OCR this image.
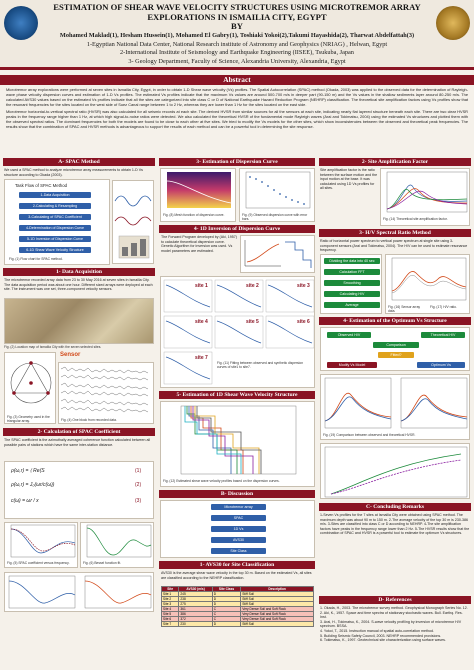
ESTIMATION OF SHEAR WAVE VELOCITY STRUCTURES USING MICROTREMOR ARRAY EXPLORATIONS IN ISMAILIA CITY, EGYPT
BY
Mohamed Maklad(1), Hesham Hussein(1), Mohamed El Gabry(1), Toshiaki Yokoi(2),Takumi Hayashida(2), Tharwat Abdelfattah(3)
1-Egyptian National Data Center, National Research institute of Astronomy and Geophysics (NRIAG) , Helwan, Egypt
2-International Institute of Seismology and Earthquake Engineering (IISEE), Tsukuba, Japan
3- Geology Department, Faculty of Science, Alexandria University, Alexandria, Egypt
Abstract

Microtremor array explorations were performed at seven sites in Ismailia City, Egypt, in order to obtain 1-D Shear wave velocity (Vs) profiles. The Spatial Autocorrelation (SPAC) method (Okada, 2003) was applied to the observed data for the determination of Rayleigh-wave phase velocity dispersion curves and estimation of 1-D Vs profiles. The estimated Vs profiles indicate that the maximum Vs values are around 500-700 m/s in deeper part (90-150 m) and the Vs values in the shallow sediments layer around 80-250 m/s. The calculated AVS30 values based on the estimated Vs profiles indicate that all the sites are categorized into site class C or D of National Earthquake Hazard Reduction Program (NEHRP) classification. The theoretical site amplification factors using Vs profiles show that the resonant frequencies for the sites located on the west side of Suez Canal range between 1 to 2 Hz, whereas they are lower than 1 Hz for the sites located on the east side.

Microtremor horizontal-to-vertical spectral ratio (HVSR) was also calculated for all seismic records at each site. The derived HVSR from similar sources for all the sensors at each site, indicating nearly flat layered structure beneath each site. There are two clear HVSR peaks in the frequency range higher than 1 Hz, at which high signal-to-noise ratios were detected. We also calculated the theoretical HVSR of the fundamental mode Rayleigh waves (Arai and Tokimatsu, 2004) using the estimated Vs structures and plotted them with the observed spectral ratios. The dominant frequencies for both the models are found to be close to each other at five sites. We tried to modify the Vs models for the other sites, which show inconsistencies between the observed and theoretical peak frequencies. The results show that the combination of SPAC and HVSR methods is advantageous to support the results of each method and can be a powerful tool in determining the site response.

A- SPAC Method
We used a SPAC method to analyze microtremor array measurements to obtain 1-D Vs structure according to Okada (2003).
Task Flow of SPAC Method
1-Data Acquisition
2-Calculating & Resampling
3-Calculating of SPAC Coefficient
4-Determination of Dispersion Curve
5-1D Inversion of Dispersion Curve
6-1D Shear Wave Velocity Structure
Fig. (1) Flow chart for SPAC method.
1- Data Acquisition
The microtremor recorded array data from 23 to 30 May 2016 at seven sites in Ismailia City. The data acquisition period was about one hour. Different sized arrays were deployed at each site. The instrument was one set, three-component velocity sensors.
Fig. (2) Location map of Ismailia City with the seven selected sites.
Fig. (3) Geometry used in the triangular array.
Sensor
Fig. (4) One block from recorded data.
2- Calculation of SPAC Coefficient
The SPAC coefficient is the azimuthally averaged coherence function calculated between all possible pairs of stations which have the same inter-station distance.
ρ(ω,r) = ⟨ Re(S
ρ(ω,r) = J₀(ωr/c(ω))
c(ω) = ωr / x
(1)
(2)
(3)
Fig. (5) SPAC coefficient versus frequency.	Fig. (6) Bessel function fit.
3- Estimation of Dispersion Curve
Fig. (8) Mesh function of dispersion curve.	Fig. (9) Observed dispersion curve with error bars.
4- 1D Inversion of Dispersion Curve
The Forward Program developed by (Aki, 1957) to calculate theoretical dispersion curve. Genetic Algorithm for inversion was used. Vs model parameters are estimated.
site 1	site 2	site 3
site 4	site 5	site 6
site 7
Fig. (11) Fitting between observed and synthetic dispersion curves of site1 to site7.
5- Estimation of 1D Shear Wave Velocity Structure
Fig. (12) Estimated shear wave velocity profiles based on the dispersion curves.
B- Discussion
Microtremor array
SPAC
1D Vs
AVS30
Site Class
1- AVS30 for Site Classification
AVS30 is the average shear wave velocity in the top 30 m. Based on the estimated Vs, all sites are classified according to the NEHRP classification.
Site	AVS30 (m/s)	Site Class	Description
Site 1	245	D	Stiff Soil
Site 2	238	D	Stiff Soil
Site 3	275	D	Stiff Soil
Site 4	361	C	Very Dense Soil and Soft Rock
Site 5	386	C	Very Dense Soil and Soft Rock
Site 6	372	C	Very Dense Soil and Soft Rock
Site 7	230	D	Stiff Soil
2- Site Amplification Factor
Site amplification factor is the ratio between the surface motion and the input motion at the base. It was calculated using 1D Vs profiles for all sites.
Fig. (14) Theoretical site amplification factor.
3- H/V Spectral Ratio Method
Ratio of horizontal power spectrum to vertical power spectrum at single site using 3-component sensors (Arai and Tokimatsu, 2004). The H/V can be used to estimate resonance frequency.
Dividing the data into 40 sec
Calculation FFT
Smoothing
Calculating H/V
Average	Fig. (16) Sensor array data.
Fig. (17) H/V ratio.
4- Estimation of the Optimum Vs Structure
Observed H/V	Theoretical H/V
Comparison
Fitted?
Modify Vs Model	Optimum Vs
Fig. (19) Comparison between observed and theoretical HVSR.
C- Concluding Remarks
1-Seven Vs profiles for the 7 sites at Ismailia City were obtained using SPAC method. The maximum depth was about 90 m to 150 m. 2-The average velocity of the top 30 m is 230-386 m/s. 3-Sites are classified into class C or D according to NEHRP. 4-The site amplification factors have peaks in the frequency range lower than 2 Hz. 5-The HVSR results show that the combination of SPAC and HVSR is a powerful tool to estimate the optimum Vs structures.
D- References
1. Okada, H., 2003. The microtremor survey method. Geophysical Monograph Series No. 12.
2. Aki, K., 1957. Space and time spectra of stationary stochastic waves. Bull. Earthq. Res. Inst.
3. Arai, H., Tokimatsu, K., 2004. S-wave velocity profiling by inversion of microtremor H/V spectrum. BSSA.
4. Yokoi, T., 2015. Instruction manual of spatial auto-correlation method.
5. Building Seismic Safety Council, 2003. NEHRP recommended provisions.
6. Tokimatsu, K., 1997. Geotechnical site characterization using surface waves.
